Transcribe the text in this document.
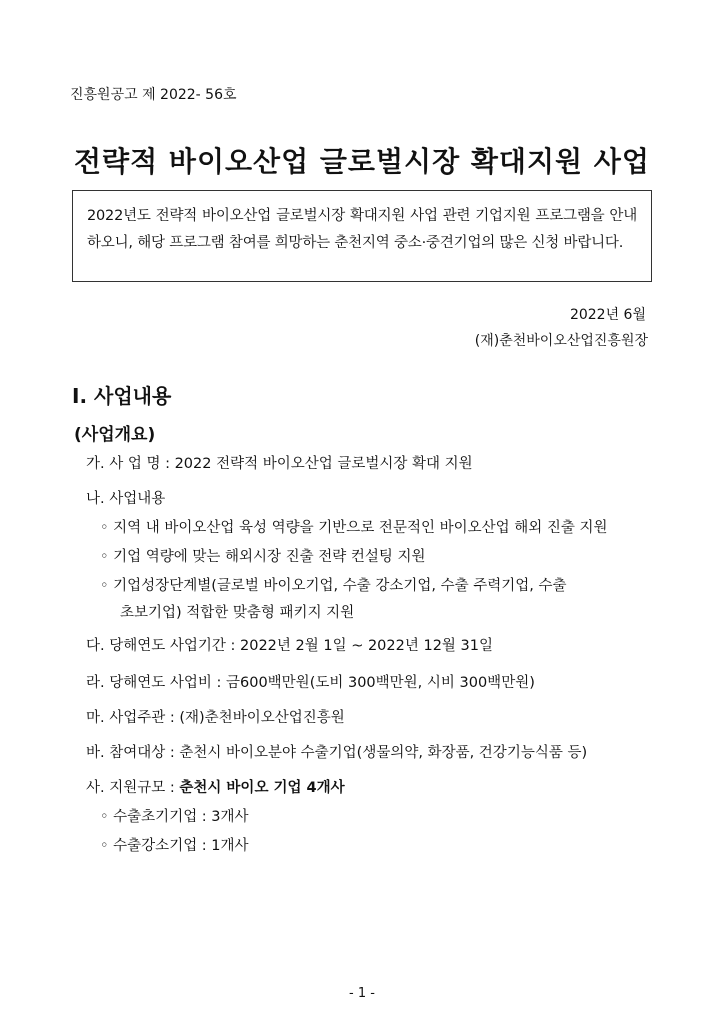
진흥원공고 제 2022- 56호
전략적 바이오산업 글로벌시장 확대지원 사업
2022년도 전략적 바이오산업 글로벌시장 확대지원 사업 관련 기업지원 프로그램을 안내하오니, 해당 프로그램 참여를 희망하는 춘천지역 중소·중견기업의 많은 신청 바랍니다.
2022년 6월
(재)춘천바이오산업진흥원장
Ⅰ. 사업내용
(사업개요)
가. 사 업 명 : 2022 전략적 바이오산업 글로벌시장 확대 지원
나. 사업내용
◦ 지역 내 바이오산업 육성 역량을 기반으로 전문적인 바이오산업 해외 진출 지원
◦ 기업 역량에 맞는 해외시장 진출 전략 컨설팅 지원
◦ 기업성장단계별(글로벌 바이오기업, 수출 강소기업, 수출 주력기업, 수출
초보기업) 적합한 맞춤형 패키지 지원
다. 당해연도 사업기간 : 2022년 2월 1일 ~ 2022년 12월 31일
라. 당해연도 사업비 : 금600백만원(도비 300백만원, 시비 300백만원)
마. 사업주관 : (재)춘천바이오산업진흥원
바. 참여대상 : 춘천시 바이오분야 수출기업(생물의약, 화장품, 건강기능식품 등)
사. 지원규모 : 춘천시 바이오 기업 4개사
◦ 수출초기기업 : 3개사
◦ 수출강소기업 : 1개사
- 1 -
